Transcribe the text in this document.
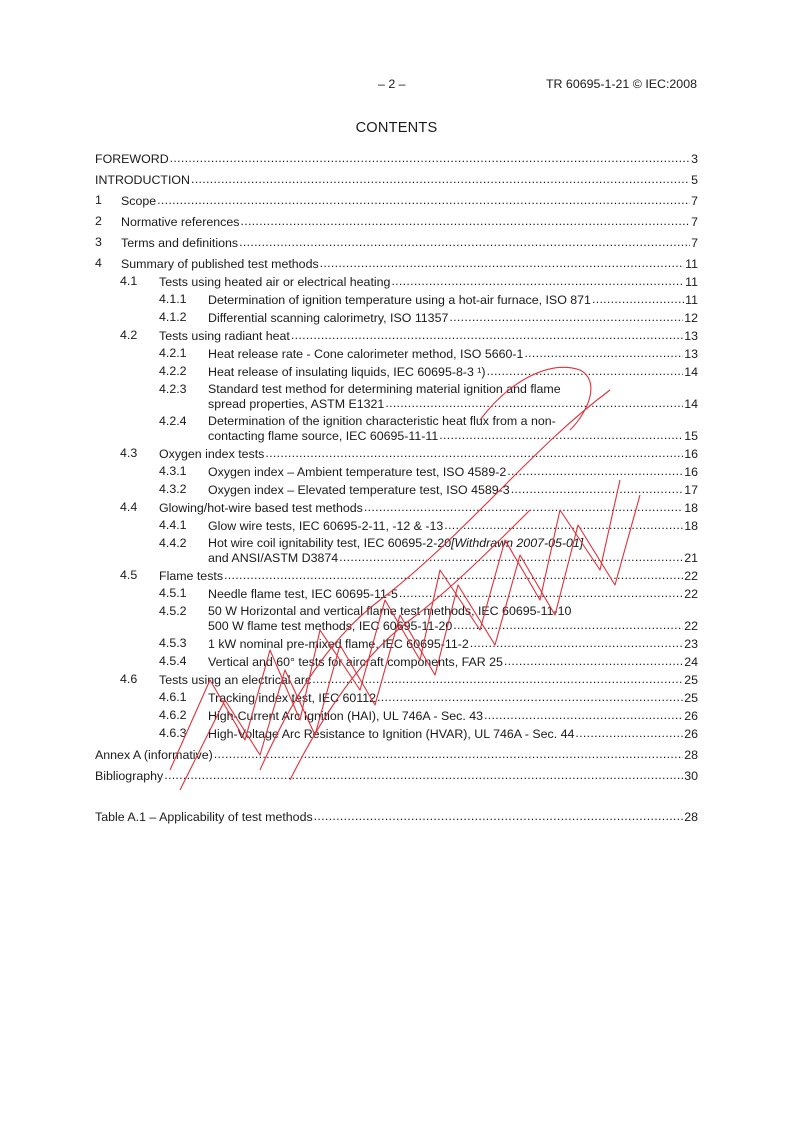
– 2 –	TR 60695-1-21 © IEC:2008
CONTENTS
FOREWORD .....	3
INTRODUCTION .....	5
1 Scope .....	7
2 Normative references .....	7
3 Terms and definitions .....	7
4 Summary of published test methods .....	11
4.1 Tests using heated air or electrical heating .....	11
4.1.1 Determination of ignition temperature using a hot-air furnace, ISO 871 .....	11
4.1.2 Differential scanning calorimetry, ISO 11357 .....	12
4.2 Tests using radiant heat .....	13
4.2.1 Heat release rate - Cone calorimeter method, ISO 5660-1 .....	13
4.2.2 Heat release of insulating liquids, IEC 60695-8-3 ¹) .....	14
4.2.3 Standard test method for determining material ignition and flame
spread properties, ASTM E1321 .....	14
4.2.4 Determination of the ignition characteristic heat flux from a non-
contacting flame source, IEC 60695-11-11 .....	15
4.3 Oxygen index tests .....	16
4.3.1 Oxygen index – Ambient temperature test, ISO 4589-2 .....	16
4.3.2 Oxygen index – Elevated temperature test, ISO 4589-3 .....	17
4.4 Glowing/hot-wire based test methods .....	18
4.4.1 Glow wire tests, IEC 60695-2-11, -12 & -13 .....	18
4.4.2 Hot wire coil ignitability test, IEC 60695-2-20 [Withdrawn 2007-05-01]
and ANSI/ASTM D3874 .....	21
4.5 Flame tests .....	22
4.5.1 Needle flame test, IEC 60695-11-5 .....	22
4.5.2 50 W Horizontal and vertical flame test methods, IEC 60695-11-10
500 W flame test methods, IEC 60695-11-20 .....	22
4.5.3 1 kW nominal pre-mixed flame, IEC 60695-11-2 .....	23
4.5.4 Vertical and 60° tests for aircraft components, FAR 25 .....	24
4.6 Tests using an electrical arc .....	25
4.6.1 Tracking index test, IEC 60112 .....	25
4.6.2 High-Current Arc Ignition (HAI), UL 746A - Sec. 43 .....	26
4.6.3 High-Voltage Arc Resistance to Ignition (HVAR), UL 746A - Sec. 44 .....	26
Annex A (informative) .....	28
Bibliography .....	30
Table A.1 – Applicability of test methods .....	28
